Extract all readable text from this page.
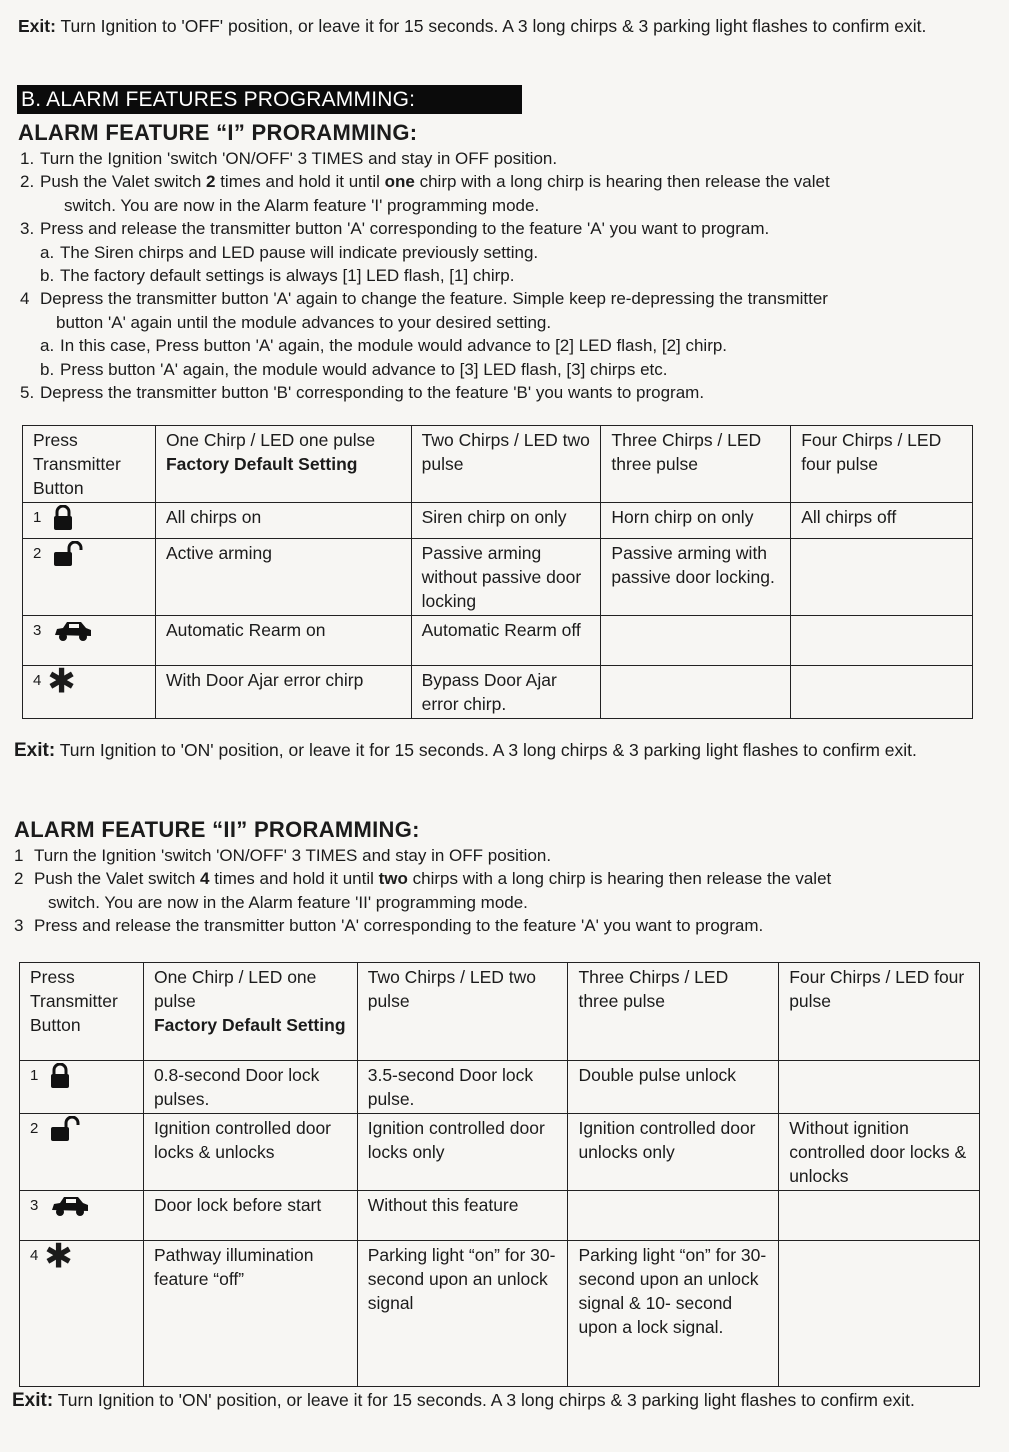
Exit: Turn Ignition to 'OFF' position, or leave it for 15 seconds. A 3 long chirps & 3 parking light flashes to confirm exit.
B. ALARM FEATURES PROGRAMMING:
ALARM FEATURE “I” PRORAMMING:
1. Turn the Ignition 'switch 'ON/OFF' 3 TIMES and stay in OFF position.
2. Push the Valet switch 2 times and hold it until one chirp with a long chirp is hearing then release the valet
switch. You are now in the Alarm feature 'I' programming mode.
3. Press and release the transmitter button 'A' corresponding to the feature 'A' you want to program.
a. The Siren chirps and LED pause will indicate previously setting.
b. The factory default settings is always [1] LED flash, [1] chirp.
4 Depress the transmitter button 'A' again to change the feature. Simple keep re-depressing the transmitter
button 'A' again until the module advances to your desired setting.
a. In this case, Press button 'A' again, the module would advance to [2] LED flash, [2] chirp.
b. Press button 'A' again, the module would advance to [3] LED flash, [3] chirps etc.
5. Depress the transmitter button 'B' corresponding to the feature 'B' you wants to program.
Press Transmitter Button	One Chirp / LED one pulse
Factory Default Setting	Two Chirps / LED two pulse	Three Chirps / LED three pulse	Four Chirps / LED four pulse
1	All chirps on	Siren chirp on only	Horn chirp on only	All chirps off
2	Active arming	Passive arming without passive door locking	Passive arming with passive door locking.	
3	Automatic Rearm on	Automatic Rearm off		
4 ✱	With Door Ajar error chirp	Bypass Door Ajar error chirp.		
Exit: Turn Ignition to 'ON' position, or leave it for 15 seconds. A 3 long chirps & 3 parking light flashes to confirm exit.
ALARM FEATURE “II” PRORAMMING:
1 Turn the Ignition 'switch 'ON/OFF' 3 TIMES and stay in OFF position.
2 Push the Valet switch 4 times and hold it until two chirps with a long chirp is hearing then release the valet
switch. You are now in the Alarm feature 'II' programming mode.
3 Press and release the transmitter button 'A' corresponding to the feature 'A' you want to program.
Press Transmitter Button	One Chirp / LED one pulse
Factory Default Setting	Two Chirps / LED two pulse	Three Chirps / LED three pulse	Four Chirps / LED four pulse
1	0.8-second Door lock pulses.	3.5-second Door lock pulse.	Double pulse unlock	
2	Ignition controlled door locks & unlocks	Ignition controlled door locks only	Ignition controlled door unlocks only	Without ignition controlled door locks & unlocks
3	Door lock before start	Without this feature		
4 ✱	Pathway illumination feature “off”	Parking light “on” for 30- second upon an unlock signal	Parking light “on” for 30- second upon an unlock signal & 10- second upon a lock signal.	
Exit: Turn Ignition to 'ON' position, or leave it for 15 seconds. A 3 long chirps & 3 parking light flashes to confirm exit.
